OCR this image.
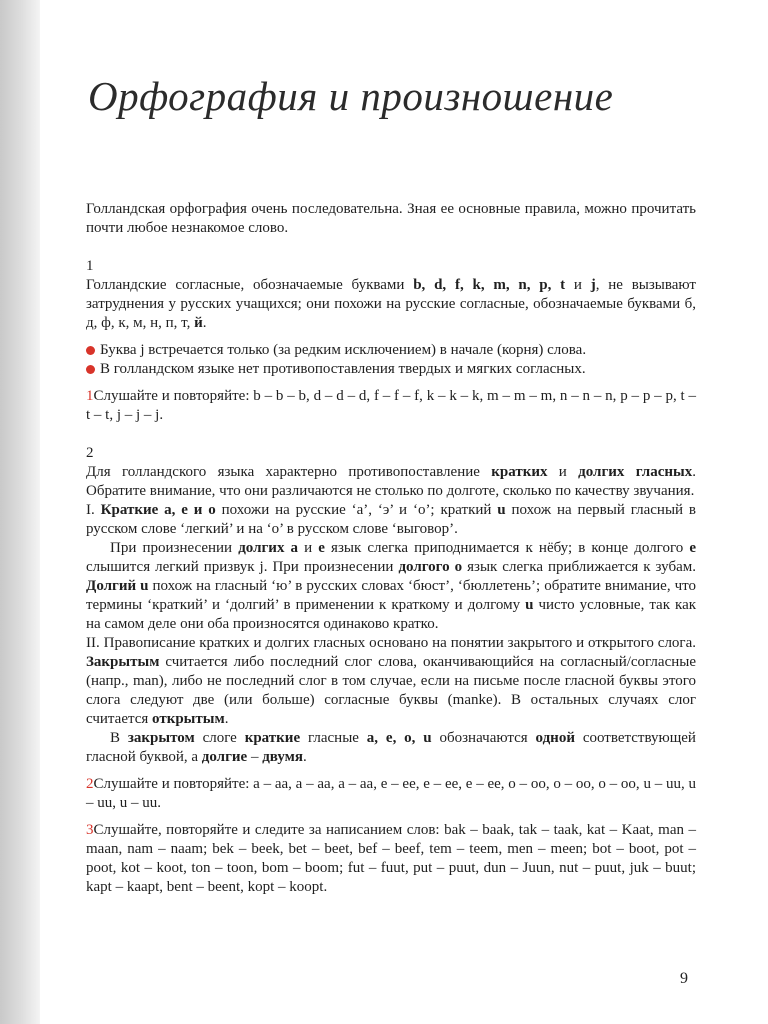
Орфография и произношение

Голландская орфография очень последовательна. Зная ее основные правила, можно прочитать почти любое незнакомое слово.

1

Голландские согласные, обозначаемые буквами b, d, f, k, m, n, p, t и j, не вызывают затруднения у русских учащихся; они похожи на русские согласные, обозначаемые буквами б, д, ф, к, м, н, п, т, й.

Буква j встречается только (за редким исключением) в начале (корня) слова.

В голландском языке нет противопоставления твердых и мягких согласных.

1Слушайте и повторяйте: b – b – b, d – d – d, f – f – f, k – k – k, m – m – m, n – n – n, p – p – p, t – t – t, j – j – j.

2

Для голландского языка характерно противопоставление кратких и долгих гласных. Обратите внимание, что они различаются не столько по долготе, сколько по качеству звучания.

I. Краткие a, e и o похожи на русские ‘а’, ‘э’ и ‘о’; краткий u похож на первый гласный в русском слове ‘легкий’ и на ‘о’ в русском слове ‘выговор’.

При произнесении долгих a и e язык слегка приподнимается к нёбу; в конце долгого e слышится легкий призвук j. При произнесении долгого o язык слегка приближается к зубам. Долгий u похож на гласный ‘ю’ в русских словах ‘бюст’, ‘бюллетень’; обратите внимание, что термины ‘краткий’ и ‘долгий’ в применении к краткому и долгому u чисто условные, так как на самом деле они оба произносятся одинаково кратко.

II. Правописание кратких и долгих гласных основано на понятии закрытого и открытого слога. Закрытым считается либо последний слог слова, оканчивающийся на согласный/согласные (напр., man), либо не последний слог в том случае, если на письме после гласной буквы этого слога следуют две (или больше) согласные буквы (manke). В остальных случаях слог считается открытым.

В закрытом слоге краткие гласные a, e, o, u обозначаются одной соответствующей гласной буквой, а долгие – двумя.

2Слушайте и повторяйте: a – aa, a – aa, a – aa, e – ee, e – ee, e – ee, o – oo, o – oo, o – oo, u – uu, u – uu, u – uu.

3Слушайте, повторяйте и следите за написанием слов: bak – baak, tak – taak, kat – Kaat, man – maan, nam – naam; bek – beek, bet – beet, bef – beef, tem – teem, men – meen; bot – boot, pot – poot, kot – koot, ton – toon, bom – boom; fut – fuut, put – puut, dun – Juun, nut – puut, juk – buut; kapt – kaapt, bent – beent, kopt – koopt.

9
